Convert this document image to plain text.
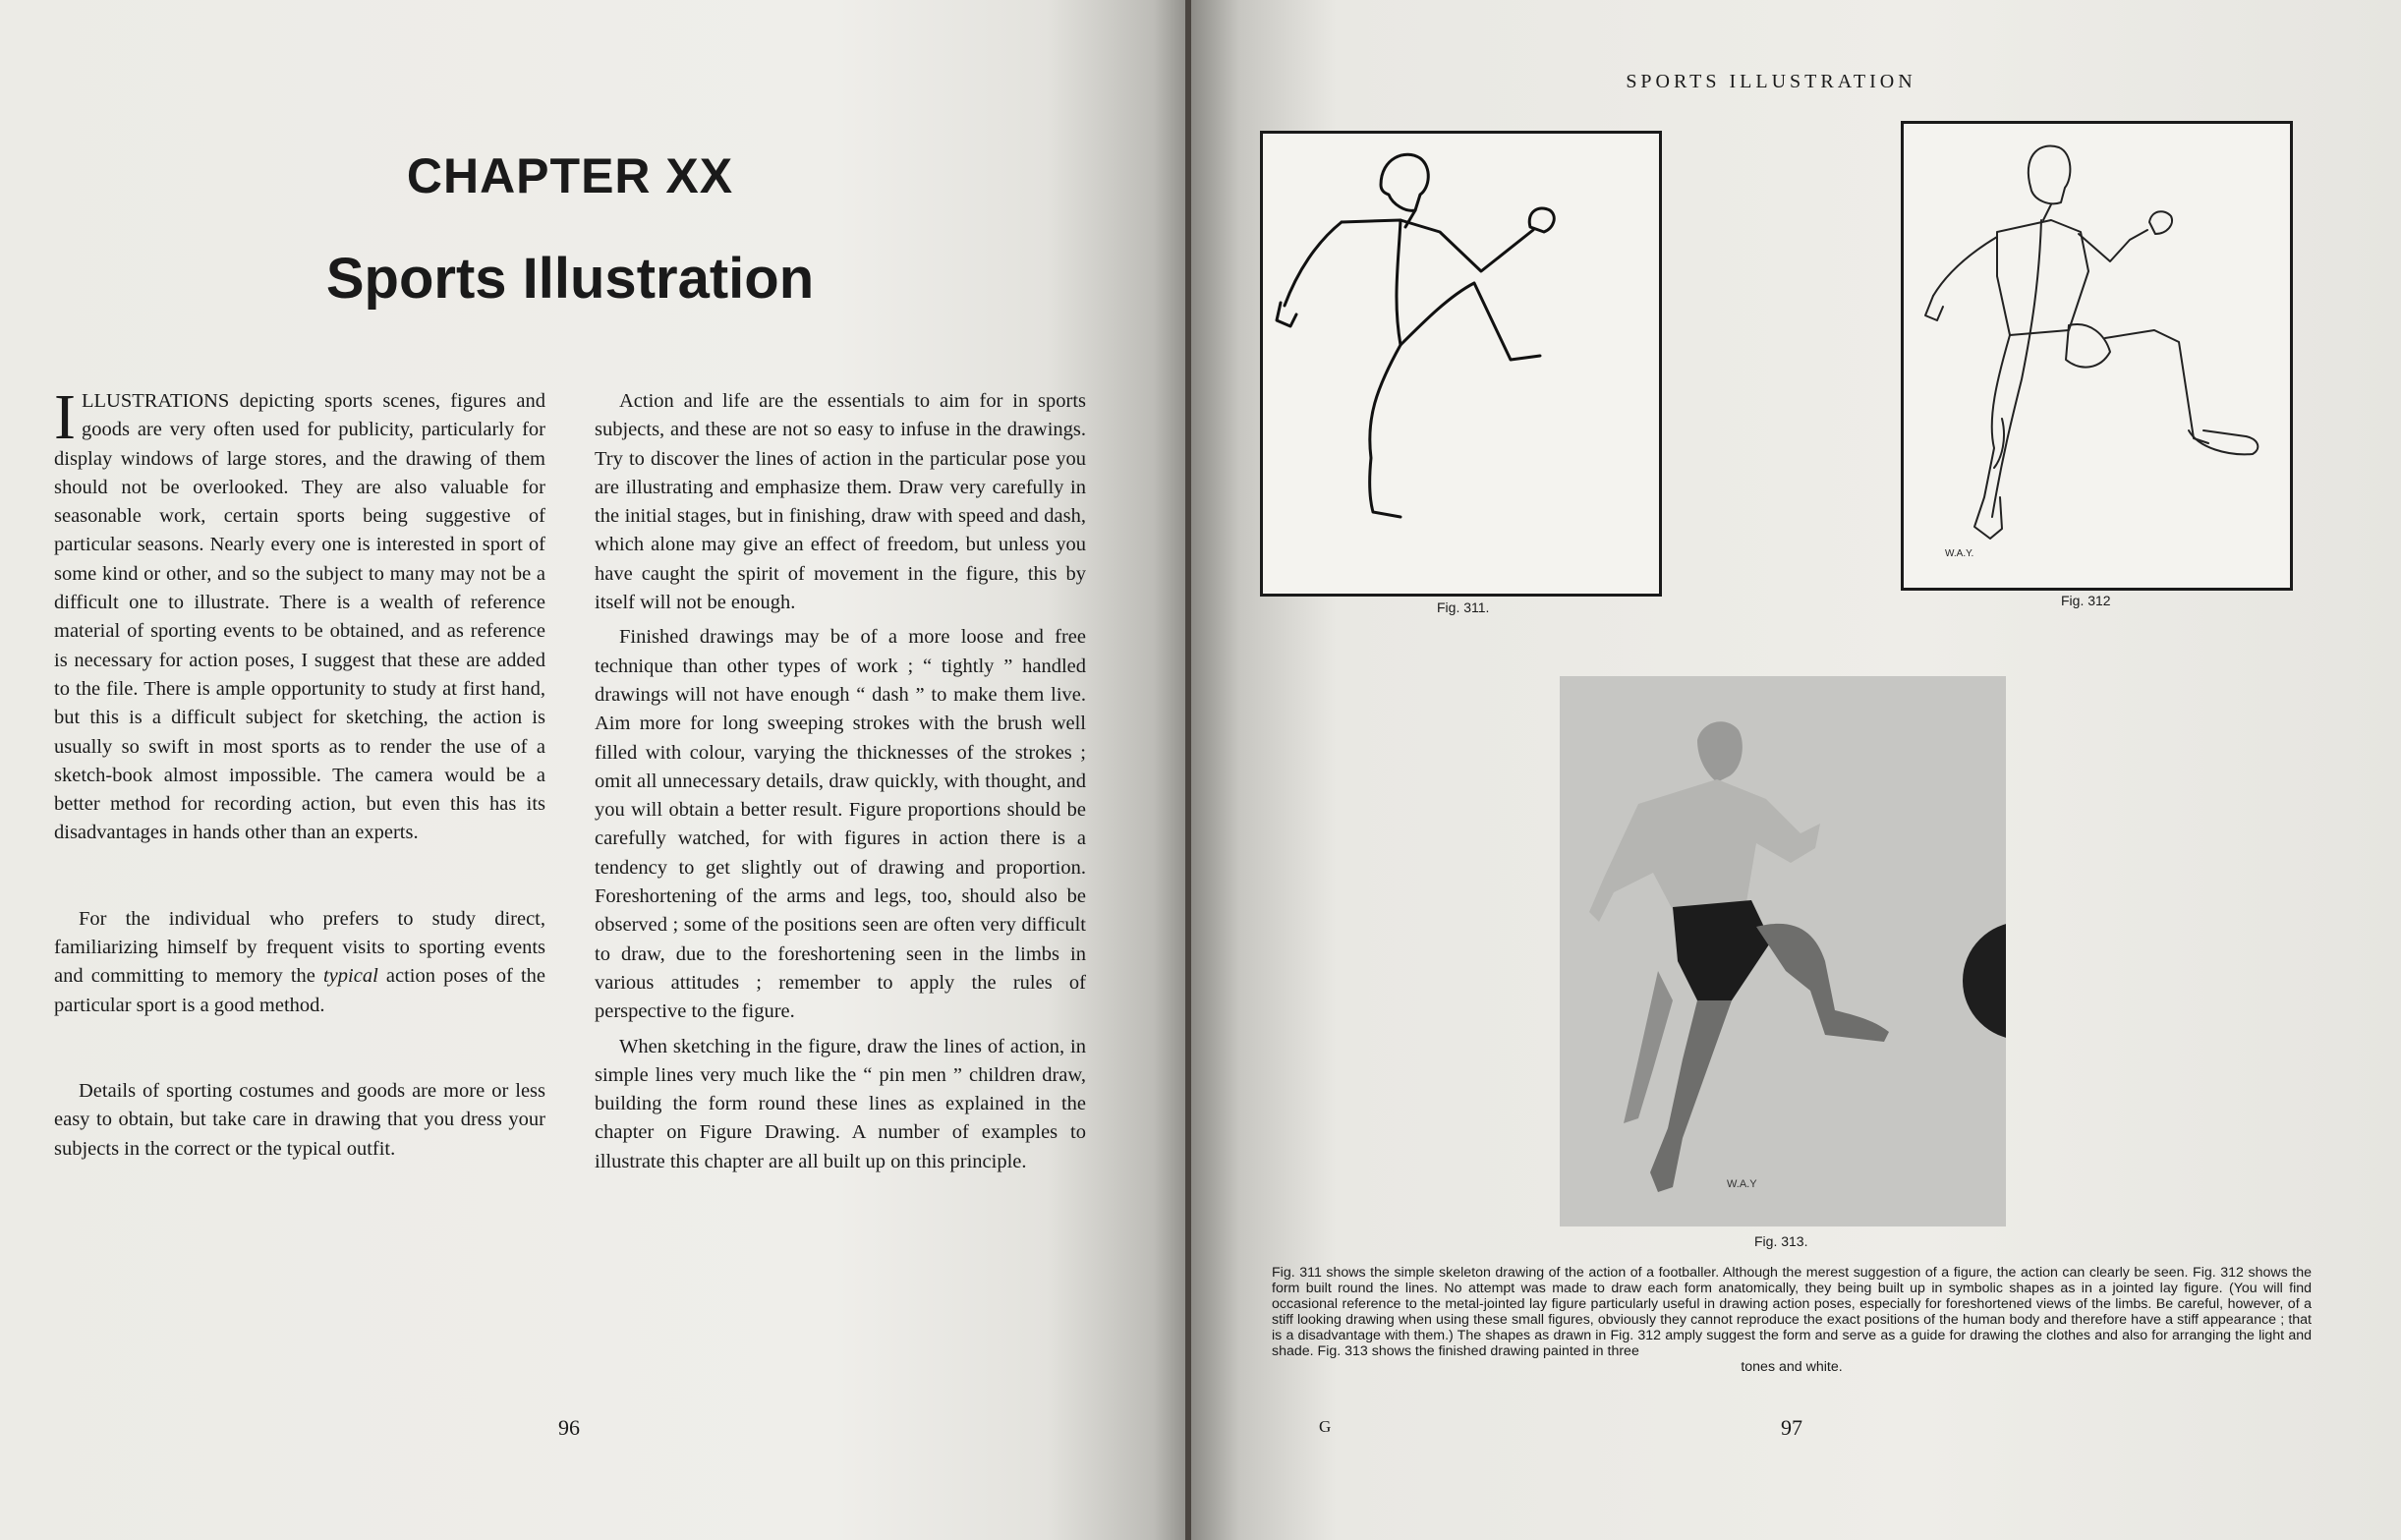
CHAPTER XX
Sports Illustration

ILLUSTRATIONS depicting sports scenes, figures and goods are very often used for publicity, particularly for display windows of large stores, and the drawing of them should not be overlooked. They are also valuable for seasonable work, certain sports being suggestive of particular seasons. Nearly every one is interested in sport of some kind or other, and so the subject to many may not be a difficult one to illustrate. There is a wealth of reference material of sporting events to be obtained, and as reference is necessary for action poses, I suggest that these are added to the file. There is ample opportunity to study at first hand, but this is a difficult subject for sketching, the action is usually so swift in most sports as to render the use of a sketch-book almost impossible. The camera would be a better method for recording action, but even this has its disadvantages in hands other than an experts.

For the individual who prefers to study direct, familiarizing himself by frequent visits to sporting events and committing to memory the typical action poses of the particular sport is a good method.

Details of sporting costumes and goods are more or less easy to obtain, but take care in drawing that you dress your subjects in the correct or the typical outfit.

Action and life are the essentials to aim for in sports subjects, and these are not so easy to infuse in the drawings. Try to discover the lines of action in the particular pose you are illustrating and emphasize them. Draw very carefully in the initial stages, but in finishing, draw with speed and dash, which alone may give an effect of freedom, but unless you have caught the spirit of movement in the figure, this by itself will not be enough.

Finished drawings may be of a more loose and free technique than other types of work ; “ tightly ” handled drawings will not have enough “ dash ” to make them live. Aim more for long sweeping strokes with the brush well filled with colour, varying the thicknesses of the strokes ; omit all unnecessary details, draw quickly, with thought, and you will obtain a better result. Figure proportions should be carefully watched, for with figures in action there is a tendency to get slightly out of drawing and proportion. Foreshortening of the arms and legs, too, should also be observed ; some of the positions seen are often very difficult to draw, due to the foreshortening seen in the limbs in various attitudes ; remember to apply the rules of perspective to the figure.

When sketching in the figure, draw the lines of action, in simple lines very much like the “ pin men ” children draw, building the form round these lines as explained in the chapter on Figure Drawing. A number of examples to illustrate this chapter are all built up on this principle.

96
SPORTS ILLUSTRATION
Fig. 311.
W.A.Y.
Fig. 312
W.A.Y
Fig. 313.
Fig. 311 shows the simple skeleton drawing of the action of a footballer. Although the merest suggestion of a figure, the action can clearly be seen. Fig. 312 shows the form built round the lines. No attempt was made to draw each form anatomically, they being built up in symbolic shapes as in a jointed lay figure. (You will find occasional reference to the metal-jointed lay figure particularly useful in drawing action poses, especially for foreshortened views of the limbs. Be careful, however, of a stiff looking drawing when using these small figures, obviously they cannot reproduce the exact positions of the human body and therefore have a stiff appearance ; that is a disadvantage with them.) The shapes as drawn in Fig. 312 amply suggest the form and serve as a guide for drawing the clothes and also for arranging the light and shade. Fig. 313 shows the finished drawing painted in three
tones and white.
G	97
